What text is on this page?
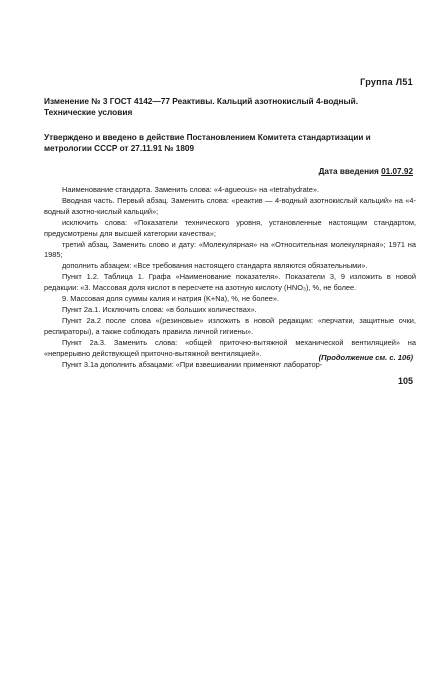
Группа Л51
Изменение № 3 ГОСТ 4142—77 Реактивы. Кальций азотнокислый 4-водный.
Технические условия
Утверждено и введено в действие Постановлением Комитета стандартизации и метрологии СССР от 27.11.91 № 1809
Дата введения 01.07.92

Наименование стандарта. Заменить слова: «4-agueous» на «tetrahydrate».

Вводная часть. Первый абзац. Заменить слова: «реактив — 4-водный азотнокислый кальций» на «4-водный азотно-кислый кальций»;

исключить слова: «Показатели технического уровня, установленные настоящим стандартом, предусмотрены для высшей категории качества»;

третий абзац. Заменить слово и дату: «Молекулярная» на «Относительная молекулярная»; 1971 на 1985;

дополнить абзацем: «Все требования настоящего стандарта являются обязательными».

Пункт 1.2. Таблица 1. Графа «Наименование показателя». Показатели 3, 9 изложить в новой редакции: «3. Массовая доля кислот в пересчете на азотную кислоту (HNO₃), %, не более.

9. Массовая доля суммы калия и натрия (K+Na), %, не более».

Пункт 2а.1. Исключить слова: «в больших количествах».

Пункт 2а.2 после слова «(резиновые» изложить в новой редакции: «перчатки, защитные очки, респираторы), а также соблюдать правила личной гигиены».

Пункт 2а.3. Заменить слова: «общей приточно-вытяжной механической вентиляцией» на «непрерывно действующей приточно-вытяжной вентиляцией».

Пункт 3.1а дополнить абзацами: «При взвешивании применяют лаборатор-

(Продолжение см. с. 106)
105
